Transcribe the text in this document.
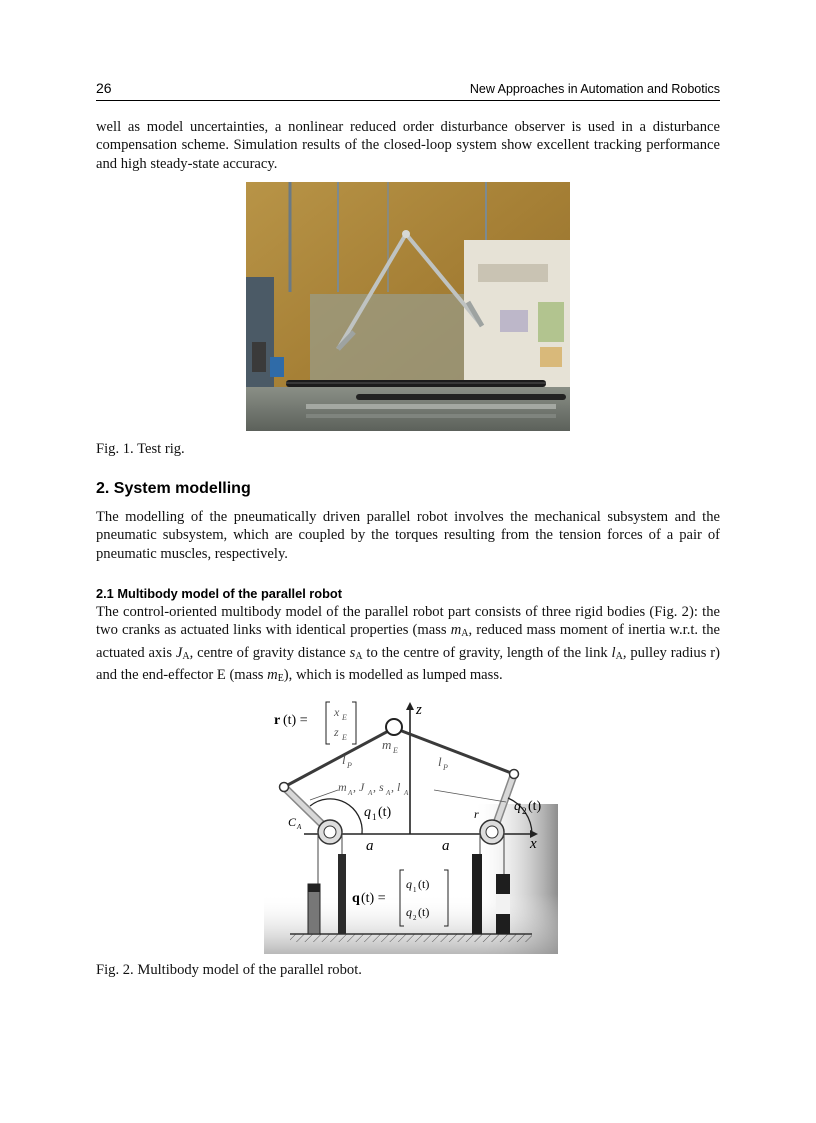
26	New Approaches in Automation and Robotics
well as model uncertainties, a nonlinear reduced order disturbance observer is used in a disturbance compensation scheme. Simulation results of the closed-loop system show excellent tracking performance and high steady-state accuracy.
Fig. 1. Test rig.
2. System modelling
The modelling of the pneumatically driven parallel robot involves the mechanical subsystem and the pneumatic subsystem, which are coupled by the torques resulting from the tension forces of a pair of pneumatic muscles, respectively.
2.1 Multibody model of the parallel robot
The control-oriented multibody model of the parallel robot part consists of three rigid bodies (Fig. 2): the two cranks as actuated links with identical properties (mass $m_A$, reduced mass moment of inertia w.r.t. the actuated axis $J_A$, centre of gravity distance $s_A$ to the centre of gravity, length of the link $l_A$, pulley radius r) and the end-effector E (mass $m_E$), which is modelled as lumped mass.
r (t) =
x E
z E
z
x
m E
l P	l P
m A , J A , s A , l A
q 1 (t)	q 2 (t)
C A
r
a	a
q (t) =
q 1 (t)
q 2 (t)
Fig. 2. Multibody model of the parallel robot.
